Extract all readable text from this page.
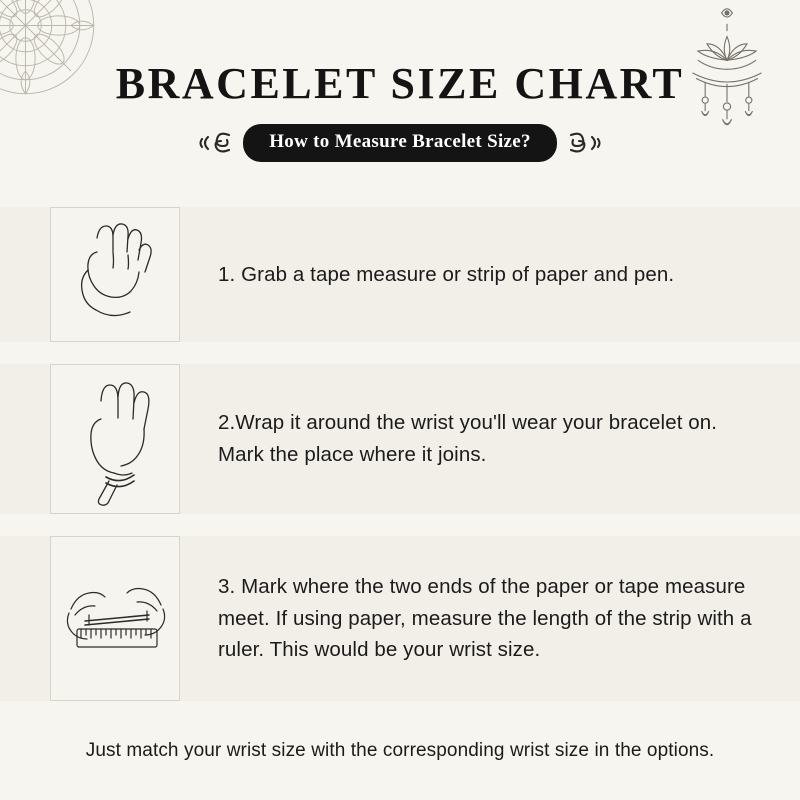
BRACELET SIZE CHART
How to Measure Bracelet Size?
1. Grab a tape measure or strip of paper and pen.
2.Wrap it around the wrist you'll wear your bracelet on. Mark the place where it joins.
3. Mark where the two ends of the paper or tape measure meet. If using paper, measure the length of the strip with a ruler. This would be your wrist size.
Just match your wrist size with the corresponding wrist size in the options.
